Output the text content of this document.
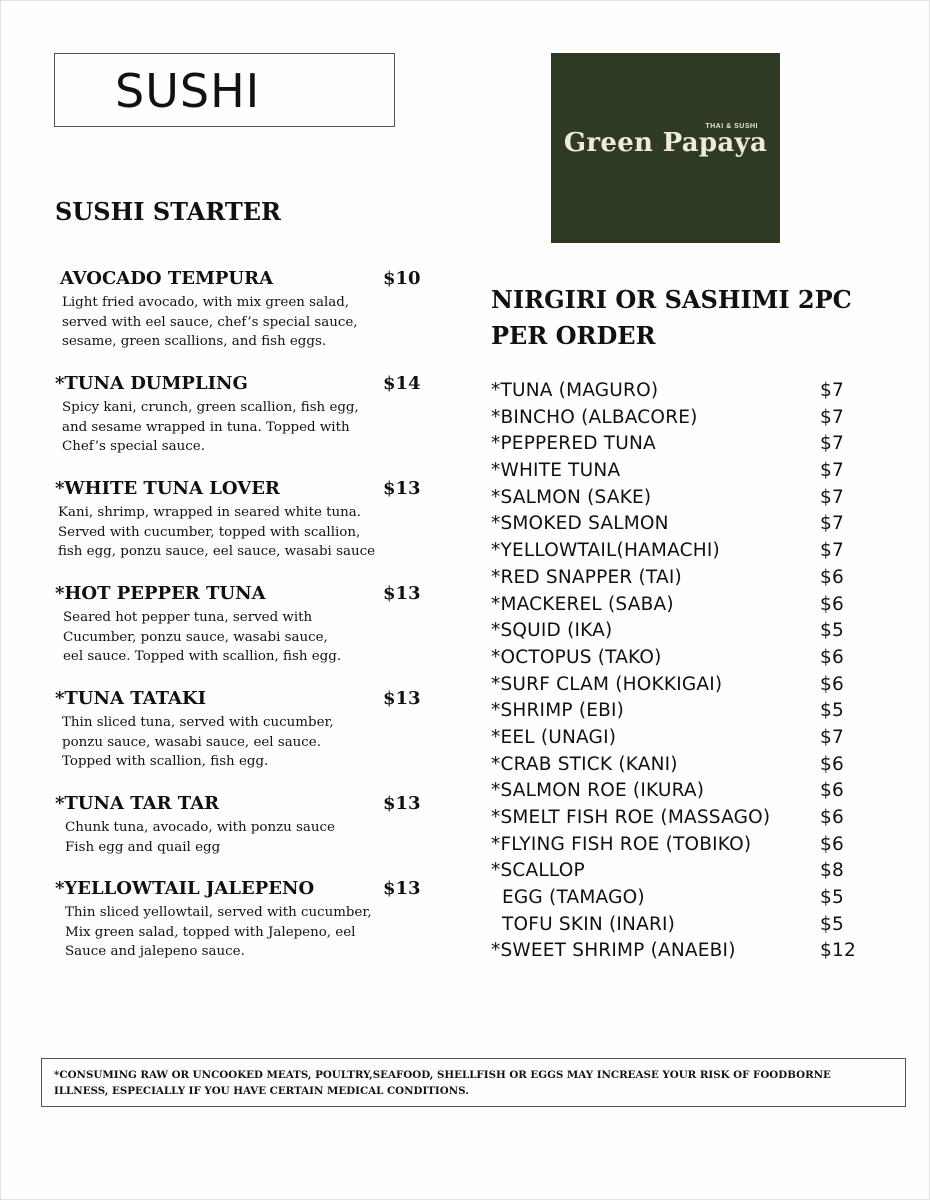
SUSHI
THAI & SUSHI
Green Papaya
SUSHI STARTER
AVOCADO TEMPURA	$10
Light fried avocado, with mix green salad,
served with eel sauce, chef’s special sauce,
sesame, green scallions, and fish eggs.
*TUNA DUMPLING	$14
Spicy kani, crunch, green scallion, fish egg,
and sesame wrapped in tuna. Topped with
Chef’s special sauce.
*WHITE TUNA LOVER	$13
Kani, shrimp, wrapped in seared white tuna.
Served with cucumber, topped with scallion,
fish egg, ponzu sauce, eel sauce, wasabi sauce
*HOT PEPPER TUNA	$13
Seared hot pepper tuna, served with
Cucumber, ponzu sauce, wasabi sauce,
eel sauce. Topped with scallion, fish egg.
*TUNA TATAKI	$13
Thin sliced tuna, served with cucumber,
ponzu sauce, wasabi sauce, eel sauce.
Topped with scallion, fish egg.
*TUNA TAR TAR	$13
Chunk tuna, avocado, with ponzu sauce
Fish egg and quail egg
*YELLOWTAIL JALEPENO	$13
Thin sliced yellowtail, served with cucumber,
Mix green salad, topped with Jalepeno, eel
Sauce and jalepeno sauce.
NIRGIRI OR SASHIMI 2PC
PER ORDER
*TUNA (MAGURO)	$7
*BINCHO (ALBACORE)	$7
*PEPPERED TUNA	$7
*WHITE TUNA	$7
*SALMON (SAKE)	$7
*SMOKED SALMON	$7
*YELLOWTAIL(HAMACHI)	$7
*RED SNAPPER (TAI)	$6
*MACKEREL (SABA)	$6
*SQUID (IKA)	$5
*OCTOPUS (TAKO)	$6
*SURF CLAM (HOKKIGAI)	$6
*SHRIMP (EBI)	$5
*EEL (UNAGI)	$7
*CRAB STICK (KANI)	$6
*SALMON ROE (IKURA)	$6
*SMELT FISH ROE (MASSAGO)	$6
*FLYING FISH ROE (TOBIKO)	$6
*SCALLOP	$8
EGG (TAMAGO)	$5
TOFU SKIN (INARI)	$5
*SWEET SHRIMP (ANAEBI)	$12
*CONSUMING RAW OR UNCOOKED MEATS, POULTRY,SEAFOOD, SHELLFISH OR EGGS MAY INCREASE YOUR RISK OF FOODBORNE
ILLNESS, ESPECIALLY IF YOU HAVE CERTAIN MEDICAL CONDITIONS.
